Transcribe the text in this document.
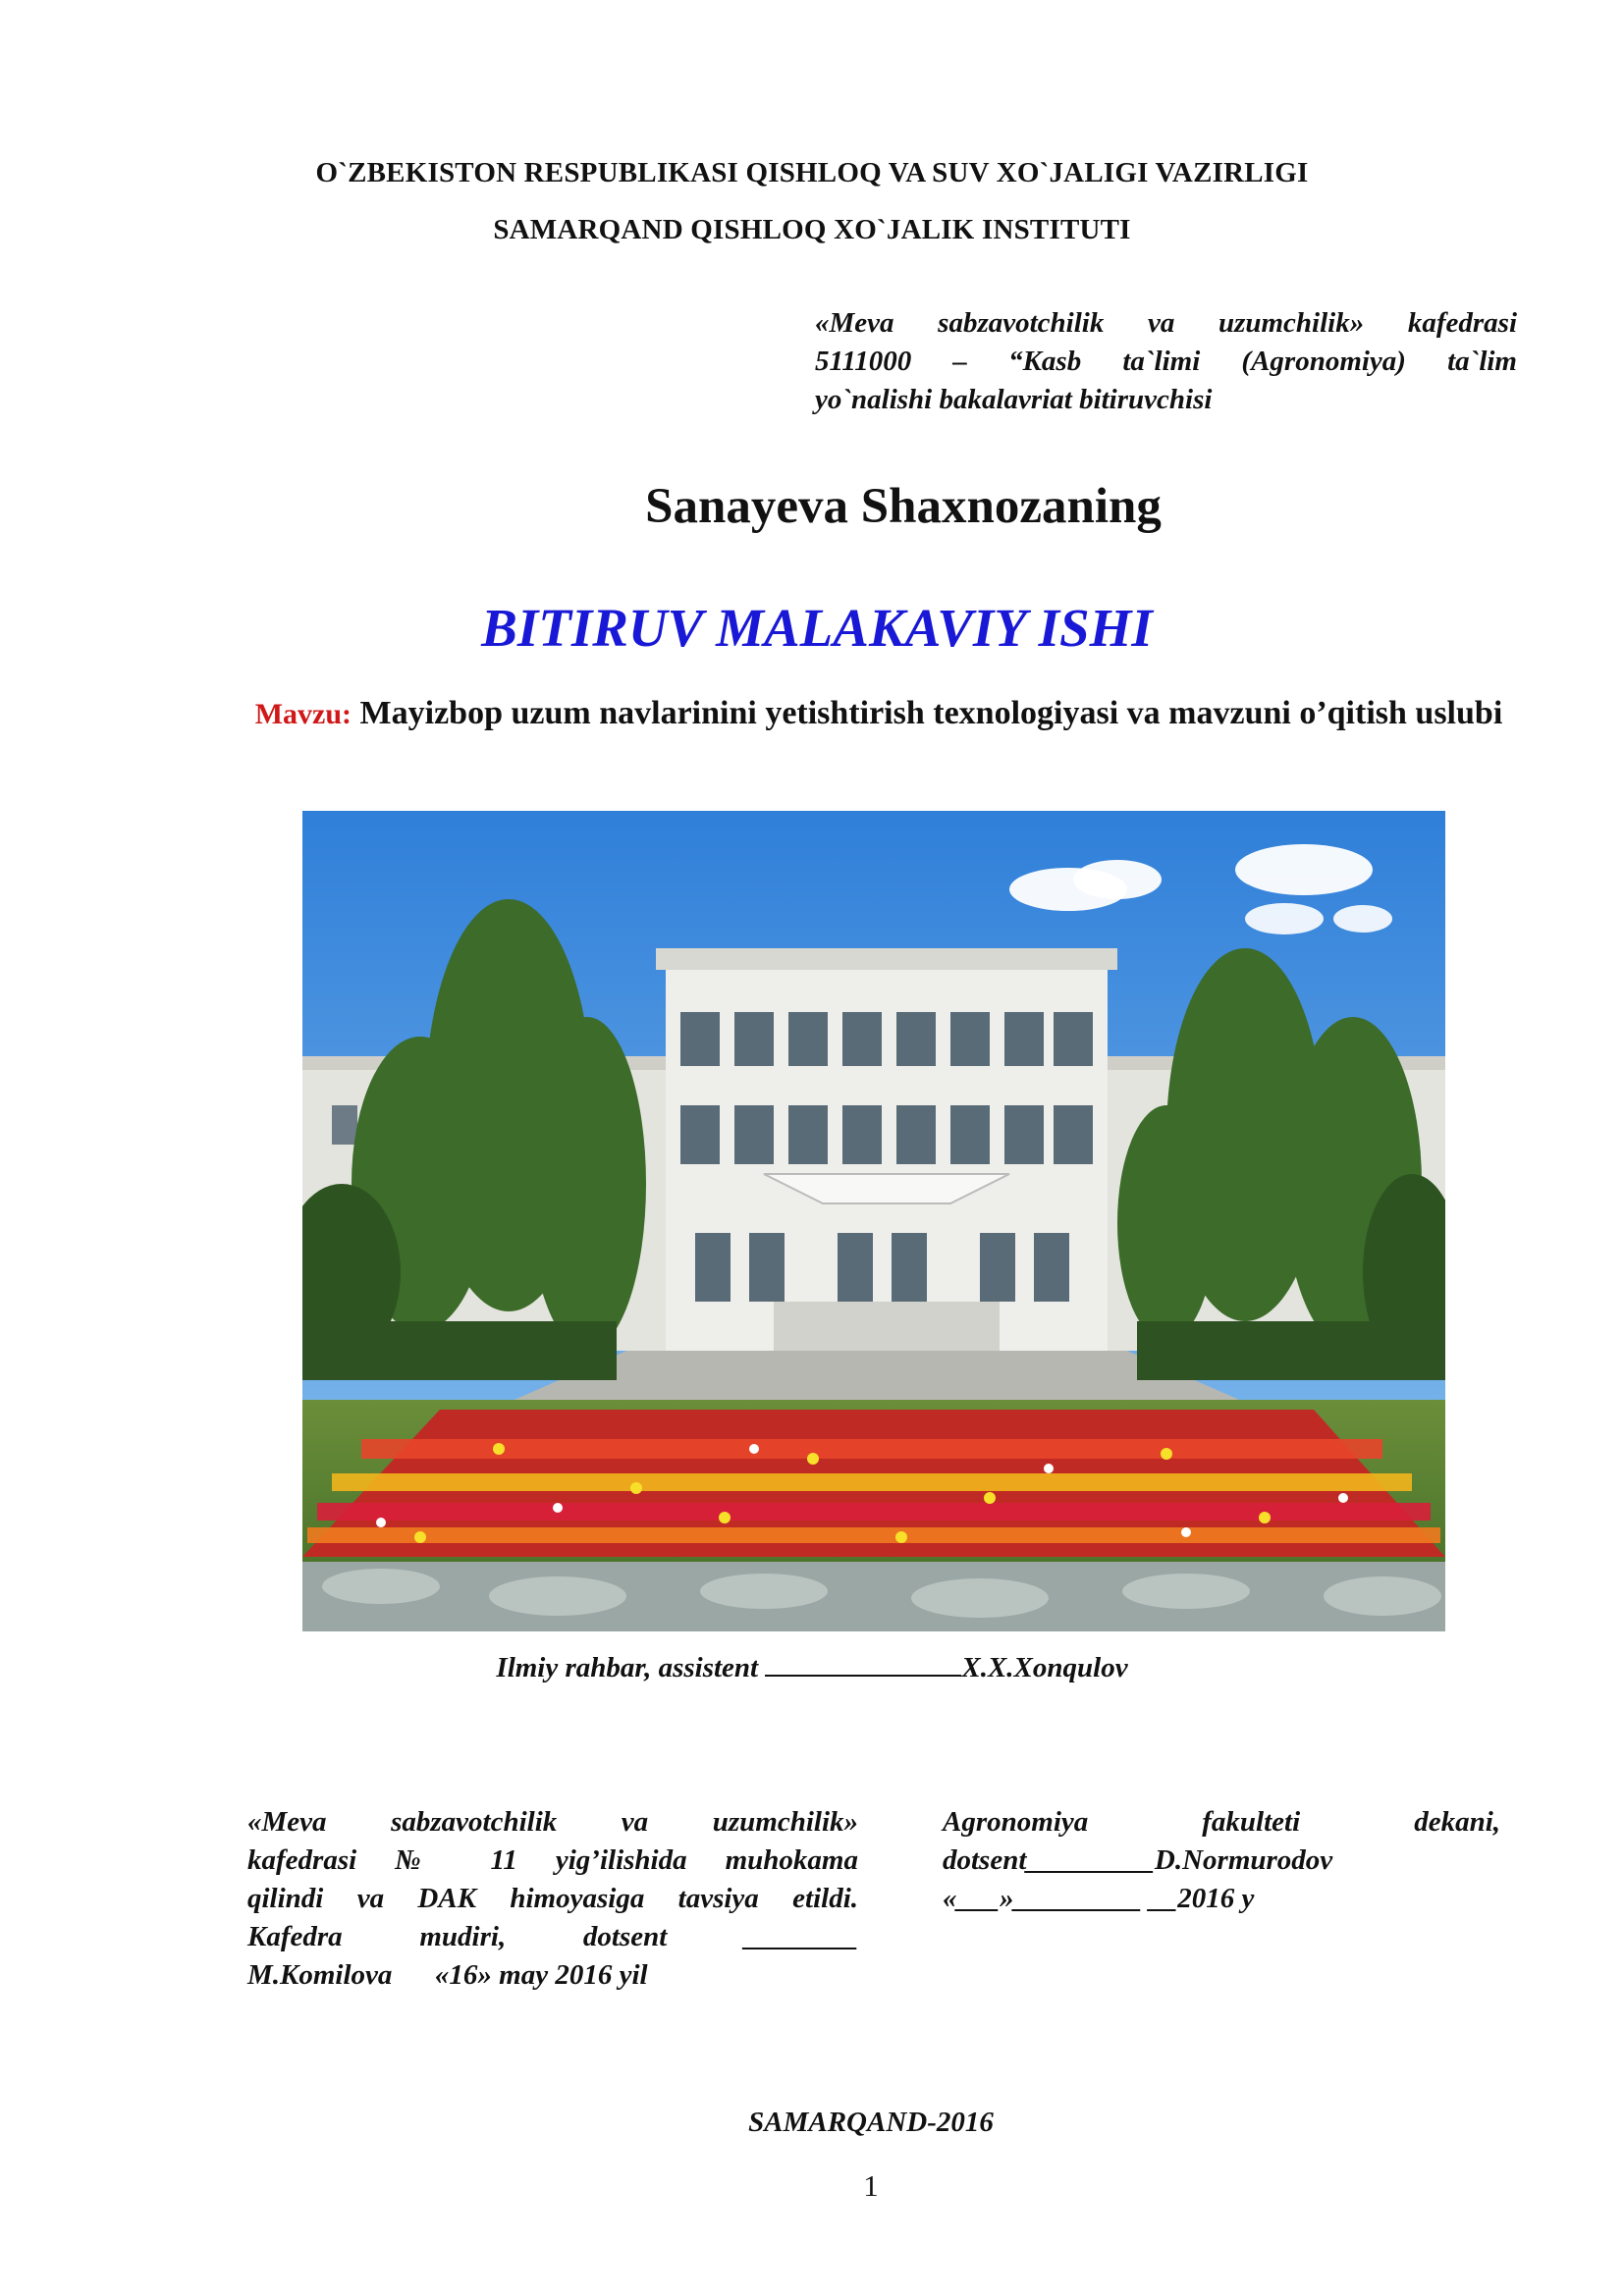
O`ZBEKISTON RESPUBLIKASI QISHLOQ VA SUV XO`JALIGI VAZIRLIGI
SAMARQAND QISHLOQ XO`JALIK INSTITUTI
«Meva sabzavotchilik va uzumchilik» kafedrasi
5111000 – “Kasb ta`limi (Agronomiya) ta`lim
yo`nalishi bakalavriat bitiruvchisi
Sanayeva Shaxnozaning
BITIRUV MALAKAVIY ISHI
Mavzu: Mayizbop uzum navlarinini yetishtirish texnologiyasi va mavzuni o’qitish uslubi
Ilmiy rahbar, assistent	X.X.Xonqulov
«Meva sabzavotchilik va uzumchilik»
kafedrasi № 11 yig’ilishida muhokama
qilindi va DAK himoyasiga tavsiya etildi.
Kafedra mudiri, dotsent ________
M.Komilova      «16» may 2016 yil
Agronomiya fakulteti dekani,
dotsent_________D.Normurodov
«___»_________ __2016 y
SAMARQAND-2016
1
